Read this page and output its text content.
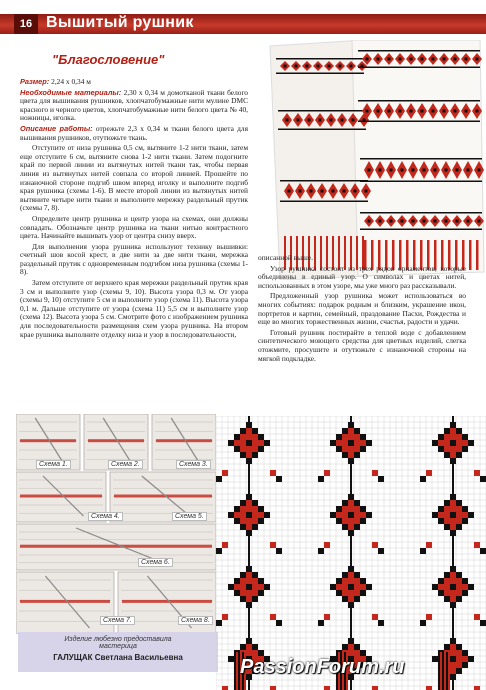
16 Вышитый рушник
"Благословение"

Размер: 2,24 х 0,34 м

Необходимые материалы: 2,30 х 0,34 м домотканой ткани белого цвета для вышивания рушников, хлопчатобумажные нити мулине DMC красного и черного цветов, хлопчатобумажные нити белого цвета № 40, ножницы, иголка.

Описание работы: отрежьте 2,3 х 0,34 м ткани белого цвета для вышивания рушников, отутюжьте ткань.

Отступите от низа рушника 0,5 см, вытяните 1-2 нити ткани, затем еще отступите 6 см, вытяните снова 1-2 нити ткани. Затем подогните край по первой линии из вытянутых нитей ткани так, чтобы первая линия из вытянутых нитей совпала со второй линией. Прошейте по изнаночной стороне подгиб швом вперед иголку и выполните подгиб края рушника (схемы 1-6). В месте второй линии из вытянутых нитей вытяните четыре нити ткани и выполните мережку раздельный прутик (схемы 7, 8).

Определите центр рушника и центр узора на схемах, они должны совпадать. Обозначьте центр рушника на ткани нитью контрастного цвета. Начинайте вышивать узор от центра снизу вверх.

Для выполнения узора рушника используют технику вышивки: счетный шов косой крест, в две нити за две нити ткани, мережка раздельный прутик с одновременным подгибом низа рушника (схемы 1-8).

Затем отступите от верхнего края мережки раздельный прутик края 3 см и выполните узор (схемы 9, 10). Высота узора 0,3 м. От узора (схемы 9, 10) отступите 5 см и выполните узор (схема 11). Высота узора 0,1 м. Дальше отступите от узора (схема 11) 5,5 см и выполните узор (схема 12). Высота узора 5 см. Смотрите фото с изображением рушника для последовательности размещения схем узора рушника. На втором крае рушника выполните отделку низа и узор в последовательности,

описанной выше.

Узор рушника состоит из трех рядов орнаментов, которые объединены в единый узор. О символах и цветах нитей, использованных в этом узоре, мы уже много раз рассказывали.

Предложенный узор рушника может использоваться во многих событиях: подарок родным и близким, украшение икон, портретов и картин, семейный, праздование Пасхи, Рождества и еще во многих торжественных жизни, счастья, радости и удачи.

Готовый рушник постирайте в теплой воде с добавлением синтетического моющего средства для цветных изделий, слегка отожмите, просушите и отутюжьте с изнаночной стороны на мягкой подкладке.

Схема 1.	Схема 2.	Схема 3.
Схема 4.	Схема 5.
Схема 6.
Схема 7.	Схема 8.
Изделие любезно предоставила
мастерица
ГАЛУЩАК Светлана Васильевна	PassionForum.ru
